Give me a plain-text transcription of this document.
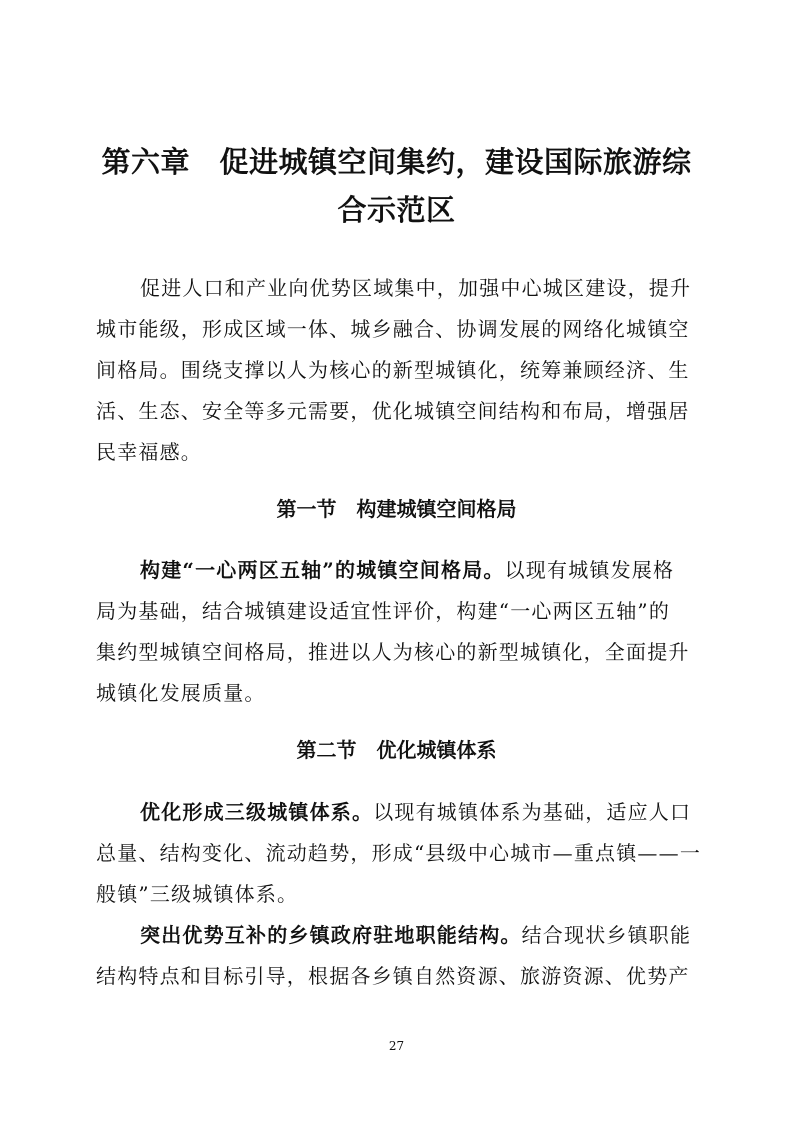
第六章　促进城镇空间集约，建设国际旅游综
合示范区

促进人口和产业向优势区域集中，加强中心城区建设，提升
城市能级，形成区域一体、城乡融合、协调发展的网络化城镇空
间格局。围绕支撑以人为核心的新型城镇化，统筹兼顾经济、生
活、生态、安全等多元需要，优化城镇空间结构和布局，增强居
民幸福感。

第一节 构建城镇空间格局

构建“一心两区五轴”的城镇空间格局。以现有城镇发展格
局为基础，结合城镇建设适宜性评价，构建“一心两区五轴”的
集约型城镇空间格局，推进以人为核心的新型城镇化，全面提升
城镇化发展质量。

第二节 优化城镇体系

优化形成三级城镇体系。以现有城镇体系为基础，适应人口
总量、结构变化、流动趋势，形成“县级中心城市—重点镇——一
般镇”三级城镇体系。

突出优势互补的乡镇政府驻地职能结构。结合现状乡镇职能
结构特点和目标引导，根据各乡镇自然资源、旅游资源、优势产

27
